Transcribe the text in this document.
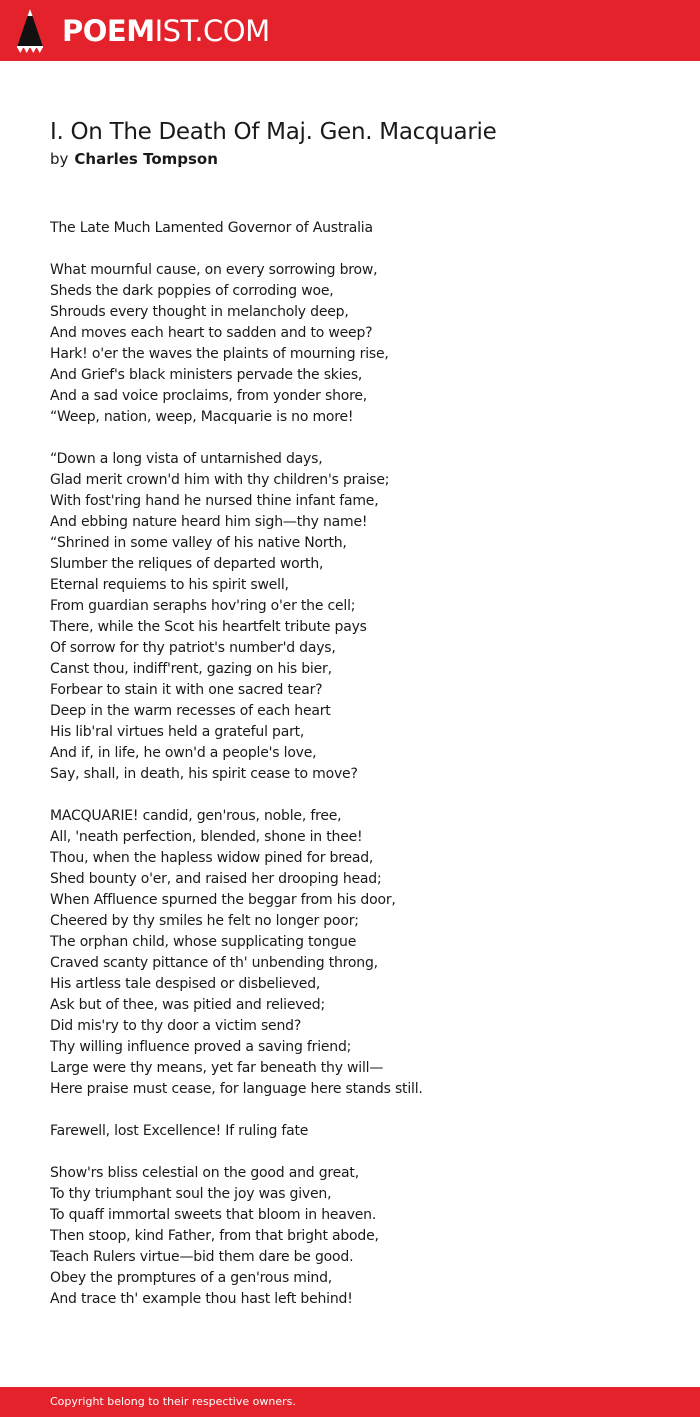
POEMIST.COM
I. On The Death Of Maj. Gen. Macquarie
by Charles Tompson
The Late Much Lamented Governor of Australia
What mournful cause, on every sorrowing brow,
Sheds the dark poppies of corroding woe,
Shrouds every thought in melancholy deep,
And moves each heart to sadden and to weep?
Hark! o'er the waves the plaints of mourning rise,
And Grief's black ministers pervade the skies,
And a sad voice proclaims, from yonder shore,
“Weep, nation, weep, Macquarie is no more!
“Down a long vista of untarnished days,
Glad merit crown'd him with thy children's praise;
With fost'ring hand he nursed thine infant fame,
And ebbing nature heard him sigh—thy name!
“Shrined in some valley of his native North,
Slumber the reliques of departed worth,
Eternal requiems to his spirit swell,
From guardian seraphs hov'ring o'er the cell;
There, while the Scot his heartfelt tribute pays
Of sorrow for thy patriot's number'd days,
Canst thou, indiff'rent, gazing on his bier,
Forbear to stain it with one sacred tear?
Deep in the warm recesses of each heart
His lib'ral virtues held a grateful part,
And if, in life, he own'd a people's love,
Say, shall, in death, his spirit cease to move?
MACQUARIE! candid, gen'rous, noble, free,
All, 'neath perfection, blended, shone in thee!
Thou, when the hapless widow pined for bread,
Shed bounty o'er, and raised her drooping head;
When Affluence spurned the beggar from his door,
Cheered by thy smiles he felt no longer poor;
The orphan child, whose supplicating tongue
Craved scanty pittance of th' unbending throng,
His artless tale despised or disbelieved,
Ask but of thee, was pitied and relieved;
Did mis'ry to thy door a victim send?
Thy willing influence proved a saving friend;
Large were thy means, yet far beneath thy will—
Here praise must cease, for language here stands still.
Farewell, lost Excellence! If ruling fate
Show'rs bliss celestial on the good and great,
To thy triumphant soul the joy was given,
To quaff immortal sweets that bloom in heaven.
Then stoop, kind Father, from that bright abode,
Teach Rulers virtue—bid them dare be good.
Obey the promptures of a gen'rous mind,
And trace th' example thou hast left behind!
Copyright belong to their respective owners.
